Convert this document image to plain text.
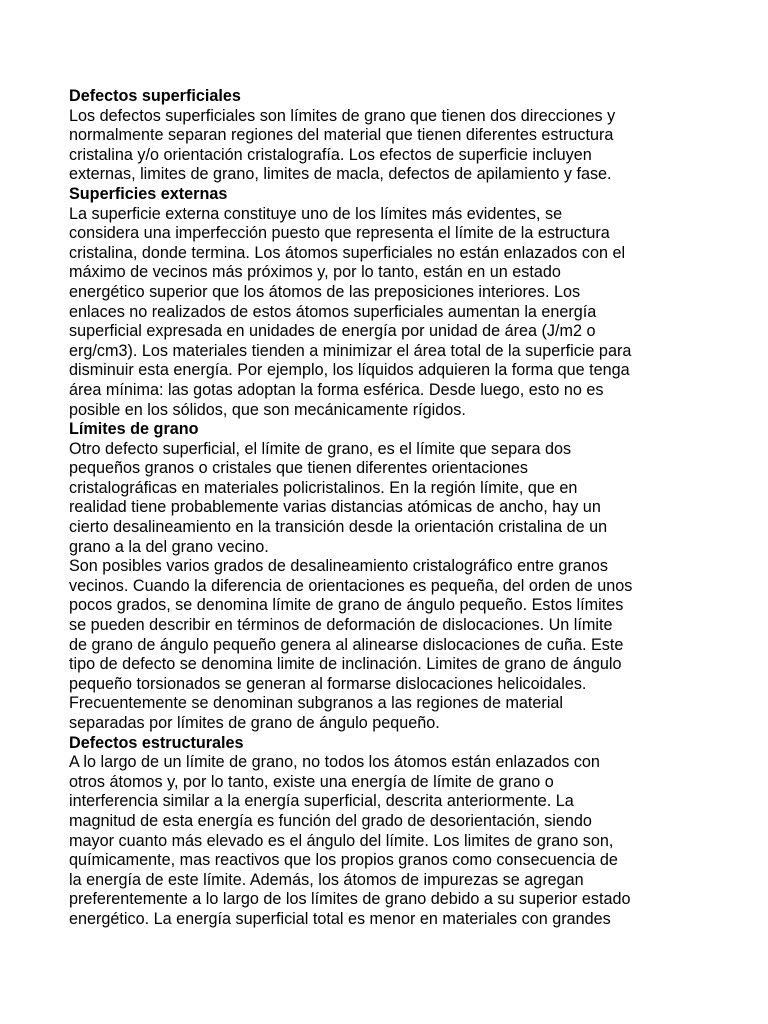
Defectos superficiales
Los defectos superficiales son límites de grano que tienen dos direcciones y
normalmente separan regiones del material que tienen diferentes estructura
cristalina y/o orientación cristalografía. Los efectos de superficie incluyen
externas, limites de grano, limites de macla, defectos de apilamiento y fase.
Superficies externas
La superficie externa constituye uno de los límites más evidentes, se
considera una imperfección puesto que representa el límite de la estructura
cristalina, donde termina. Los átomos superficiales no están enlazados con el
máximo de vecinos más próximos y, por lo tanto, están en un estado
energético superior que los átomos de las preposiciones interiores. Los
enlaces no realizados de estos átomos superficiales aumentan la energía
superficial expresada en unidades de energía por unidad de área (J/m2 o
erg/cm3). Los materiales tienden a minimizar el área total de la superficie para
disminuir esta energía. Por ejemplo, los líquidos adquieren la forma que tenga
área mínima: las gotas adoptan la forma esférica. Desde luego, esto no es
posible en los sólidos, que son mecánicamente rígidos.
Límites de grano
Otro defecto superficial, el límite de grano, es el límite que separa dos
pequeños granos o cristales que tienen diferentes orientaciones
cristalográficas en materiales policristalinos. En la región límite, que en
realidad tiene probablemente varias distancias atómicas de ancho, hay un
cierto desalineamiento en la transición desde la orientación cristalina de un
grano a la del grano vecino.
Son posibles varios grados de desalineamiento cristalográfico entre granos
vecinos. Cuando la diferencia de orientaciones es pequeña, del orden de unos
pocos grados, se denomina límite de grano de ángulo pequeño. Estos límites
se pueden describir en términos de deformación de dislocaciones. Un límite
de grano de ángulo pequeño genera al alinearse dislocaciones de cuña. Este
tipo de defecto se denomina limite de inclinación. Limites de grano de ángulo
pequeño torsionados se generan al formarse dislocaciones helicoidales.
Frecuentemente se denominan subgranos a las regiones de material
separadas por límites de grano de ángulo pequeño.
Defectos estructurales
A lo largo de un límite de grano, no todos los átomos están enlazados con
otros átomos y, por lo tanto, existe una energía de límite de grano o
interferencia similar a la energía superficial, descrita anteriormente. La
magnitud de esta energía es función del grado de desorientación, siendo
mayor cuanto más elevado es el ángulo del límite. Los limites de grano son,
químicamente, mas reactivos que los propios granos como consecuencia de
la energía de este límite. Además, los átomos de impurezas se agregan
preferentemente a lo largo de los límites de grano debido a su superior estado
energético. La energía superficial total es menor en materiales con grandes
